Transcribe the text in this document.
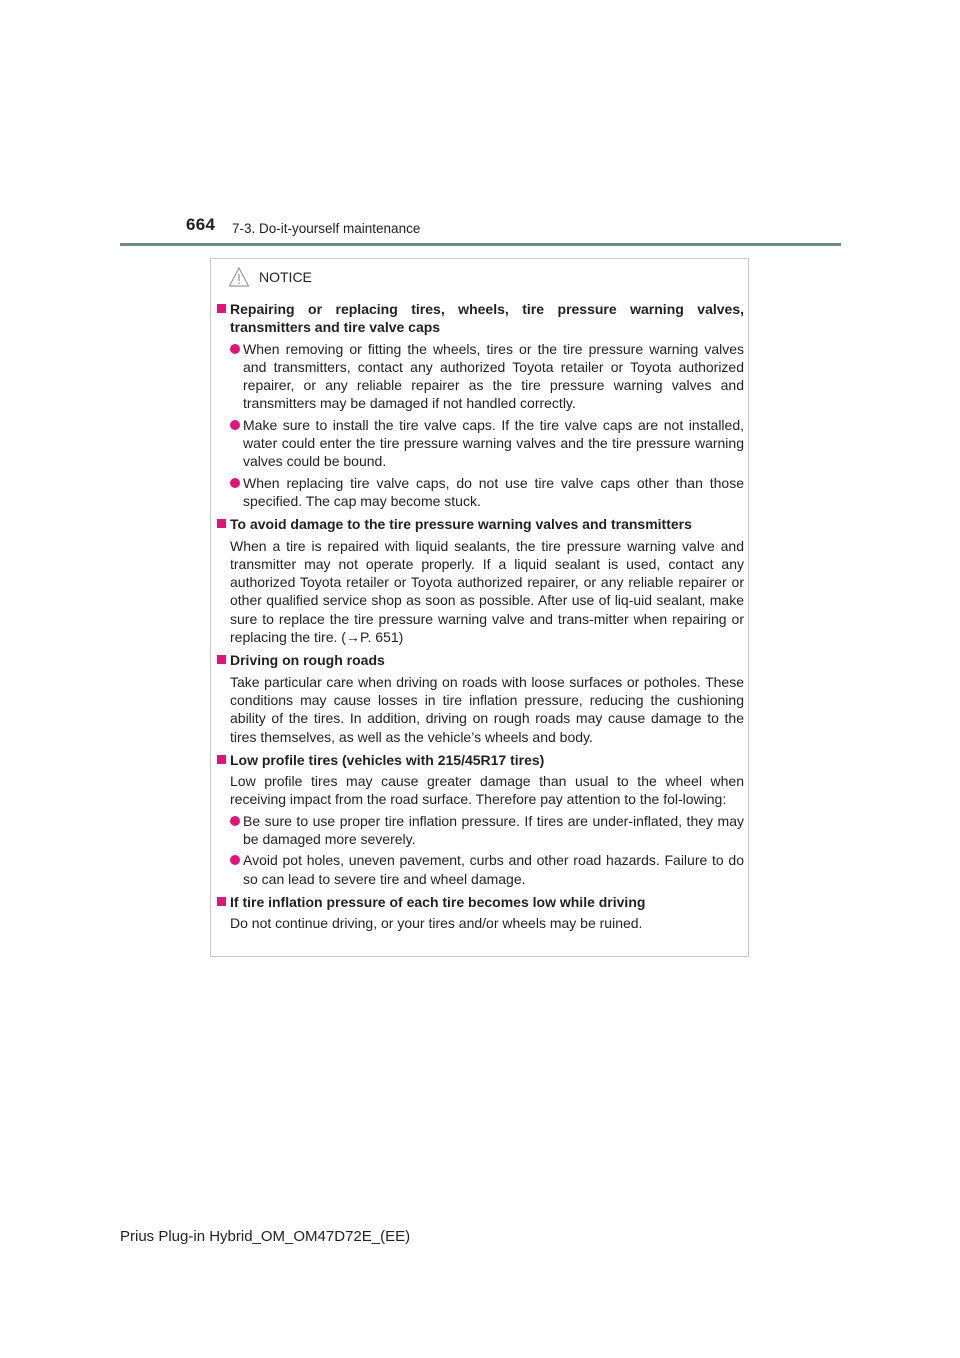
664 7-3. Do-it-yourself maintenance
NOTICE
Repairing or replacing tires, wheels, tire pressure warning valves, transmitters and tire valve caps
When removing or fitting the wheels, tires or the tire pressure warning valves and transmitters, contact any authorized Toyota retailer or Toyota authorized repairer, or any reliable repairer as the tire pressure warning valves and transmitters may be damaged if not handled correctly.
Make sure to install the tire valve caps. If the tire valve caps are not installed, water could enter the tire pressure warning valves and the tire pressure warning valves could be bound.
When replacing tire valve caps, do not use tire valve caps other than those specified. The cap may become stuck.
To avoid damage to the tire pressure warning valves and transmitters
When a tire is repaired with liquid sealants, the tire pressure warning valve and transmitter may not operate properly. If a liquid sealant is used, contact any authorized Toyota retailer or Toyota authorized repairer, or any reliable repairer or other qualified service shop as soon as possible. After use of liq-uid sealant, make sure to replace the tire pressure warning valve and trans-mitter when repairing or replacing the tire. (→P. 651)
Driving on rough roads
Take particular care when driving on roads with loose surfaces or potholes. These conditions may cause losses in tire inflation pressure, reducing the cushioning ability of the tires. In addition, driving on rough roads may cause damage to the tires themselves, as well as the vehicle’s wheels and body.
Low profile tires (vehicles with 215/45R17 tires)
Low profile tires may cause greater damage than usual to the wheel when receiving impact from the road surface. Therefore pay attention to the fol-lowing:
Be sure to use proper tire inflation pressure. If tires are under-inflated, they may be damaged more severely.
Avoid pot holes, uneven pavement, curbs and other road hazards. Failure to do so can lead to severe tire and wheel damage.
If tire inflation pressure of each tire becomes low while driving
Do not continue driving, or your tires and/or wheels may be ruined.
Prius Plug-in Hybrid_OM_OM47D72E_(EE)
